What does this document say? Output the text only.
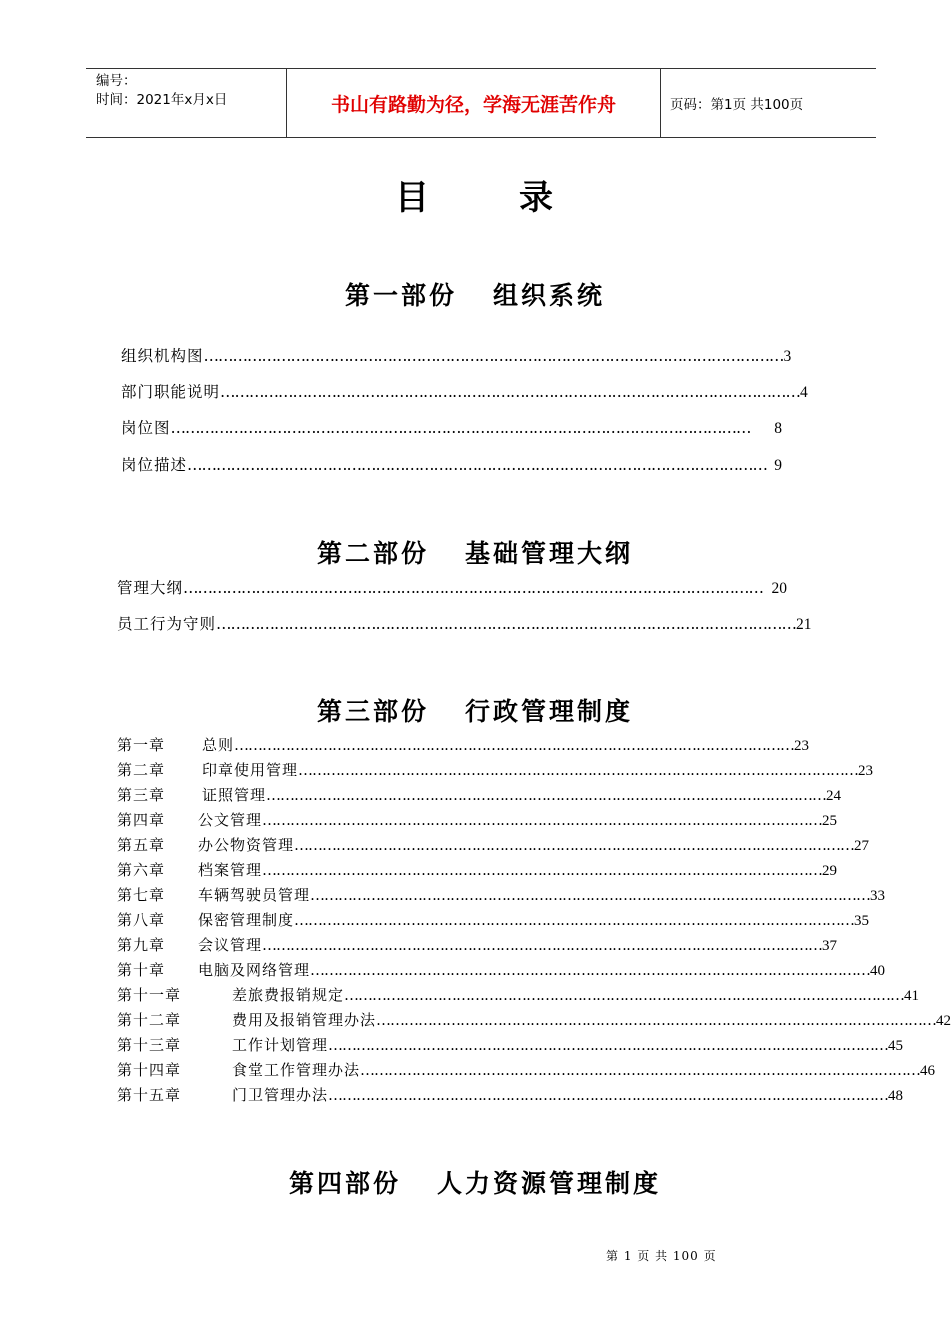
编号：
时间：2021年x月x日	书山有路勤为径，学海无涯苦作舟	页码：第1页 共100页
目	录
第一部份 组织系统
组织机构图 ………………………………………………………………………………………………………… 3
部门职能说明 ………………………………………………………………………………………………………… 4
岗位图 …………………………………………………………………………………………………………	8
岗位描述 ………………………………………………………………………………………………………… 9
第二部份 基础管理大纲
管理大纲 ………………………………………………………………………………………………………… 20
员工行为守则 ………………………………………………………………………………………………………… 21
第三部份 行政管理制度
第一章	总则 ………………………………………………………………………………………………………… 23
第二章	印章使用管理 ………………………………………………………………………………………………………… 23
第三章	证照管理 ………………………………………………………………………………………………………… 24
第四章	公文管理 ………………………………………………………………………………………………………… 25
第五章	办公物资管理 ………………………………………………………………………………………………………… 27
第六章	档案管理 ………………………………………………………………………………………………………… 29
第七章	车辆驾驶员管理 ………………………………………………………………………………………………………… 33
第八章	保密管理制度 ………………………………………………………………………………………………………… 35
第九章	会议管理 ………………………………………………………………………………………………………… 37
第十章	电脑及网络管理 ………………………………………………………………………………………………………… 40
第十一章	差旅费报销规定 ………………………………………………………………………………………………………… 41
第十二章	费用及报销管理办法 ………………………………………………………………………………………………………… 42
第十三章	工作计划管理 ………………………………………………………………………………………………………… 45
第十四章	食堂工作管理办法 ………………………………………………………………………………………………………… 46
第十五章	门卫管理办法 ………………………………………………………………………………………………………… 48
第四部份 人力资源管理制度
第 1 页 共 100 页
